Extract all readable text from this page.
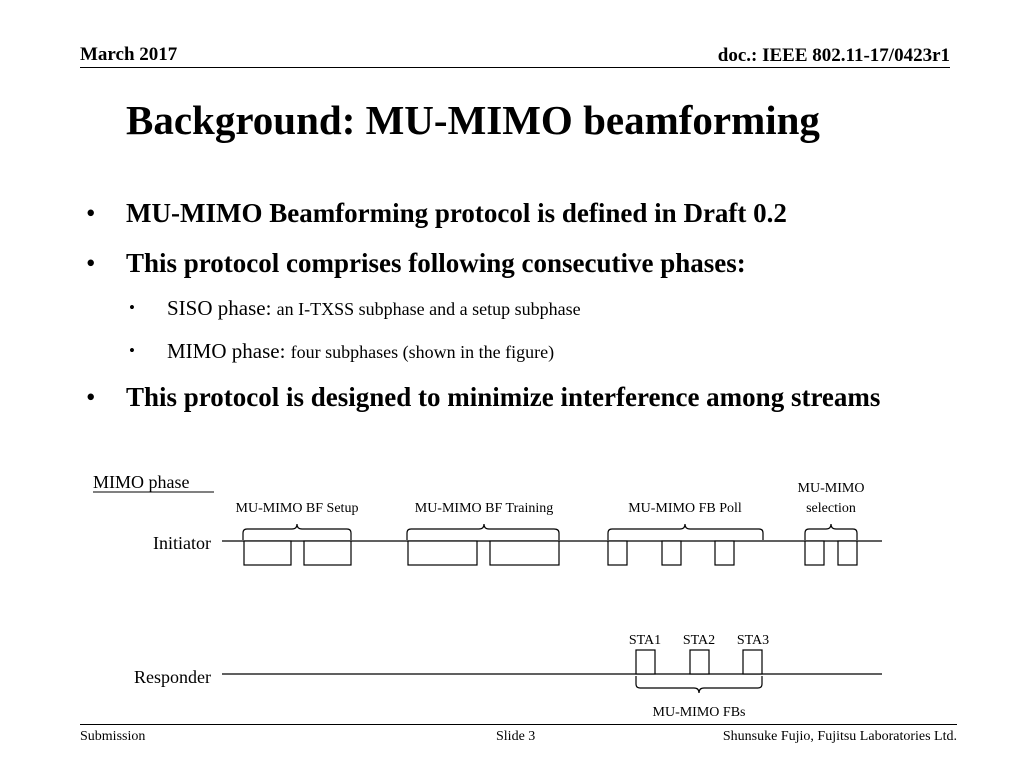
March 2017	doc.: IEEE 802.11-17/0423r1
Background: MU-MIMO beamforming
• MU-MIMO Beamforming protocol is defined in Draft 0.2
• This protocol comprises following consecutive phases:
• SISO phase: an I-TXSS subphase and a setup subphase
• MIMO phase: four subphases (shown in the figure)
• This protocol is designed to minimize interference among streams
MIMO phase
Initiator
Responder
MU-MIMO BF Setup	MU-MIMO BF Training	MU-MIMO FB Poll
MU-MIMO
selection
STA1 STA2 STA3
MU-MIMO FBs
Submission	Slide 3	Shunsuke Fujio, Fujitsu Laboratories Ltd.
